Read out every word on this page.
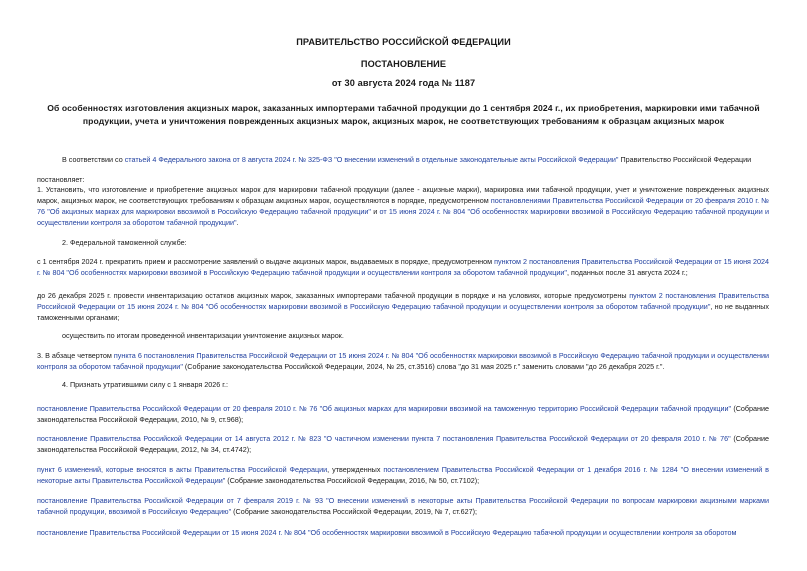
ПРАВИТЕЛЬСТВО РОССИЙСКОЙ ФЕДЕРАЦИИ
ПОСТАНОВЛЕНИЕ
от 30 августа 2024 года № 1187
Об особенностях изготовления акцизных марок, заказанных импортерами табачной продукции до 1 сентября 2024 г., их приобретения, маркировки ими табачной
продукции, учета и уничтожения поврежденных акцизных марок, акцизных марок, не соответствующих требованиям к образцам акцизных марок
В соответствии со статьей 4 Федерального закона от 8 августа 2024 г. № 325-ФЗ "О внесении изменений в отдельные законодательные акты Российской Федерации" Правительство Российской Федерации
постановляет:
1. Установить, что изготовление и приобретение акцизных марок для маркировки табачной продукции (далее - акцизные марки), маркировка ими табачной продукции, учет и уничтожение поврежденных акцизных марок, акцизных марок, не соответствующих требованиям к образцам акцизных марок, осуществляются в порядке, предусмотренном постановлениями Правительства Российской Федерации от 20 февраля 2010 г. № 76 "Об акцизных марках для маркировки ввозимой в Российскую Федерацию табачной продукции" и от 15 июня 2024 г. № 804 "Об особенностях маркировки ввозимой в Российскую Федерацию табачной продукции и осуществлении контроля за оборотом табачной продукции".
2. Федеральной таможенной службе:
с 1 сентября 2024 г. прекратить прием и рассмотрение заявлений о выдаче акцизных марок, выдаваемых в порядке, предусмотренном пунктом 2 постановления Правительства Российской Федерации от 15 июня 2024 г. № 804 "Об особенностях маркировки ввозимой в Российскую Федерацию табачной продукции и осуществлении контроля за оборотом табачной продукции", поданных после 31 августа 2024 г.;
до 26 декабря 2025 г. провести инвентаризацию остатков акцизных марок, заказанных импортерами табачной продукции в порядке и на условиях, которые предусмотрены пунктом 2 постановления Правительства Российской Федерации от 15 июня 2024 г. № 804 "Об особенностях маркировки ввозимой в Российскую Федерацию табачной продукции и осуществлении контроля за оборотом табачной продукции", но не выданных таможенными органами;
осуществить по итогам проведенной инвентаризации уничтожение акцизных марок.
3. В абзаце четвертом пункта 6 постановления Правительства Российской Федерации от 15 июня 2024 г. № 804 "Об особенностях маркировки ввозимой в Российскую Федерацию табачной продукции и осуществлении контроля за оборотом табачной продукции" (Собрание законодательства Российской Федерации, 2024, № 25, ст.3516) слова "до 31 мая 2025 г." заменить словами "до 26 декабря 2025 г.".
4. Признать утратившими силу с 1 января 2026 г.:
постановление Правительства Российской Федерации от 20 февраля 2010 г. № 76 "Об акцизных марках для маркировки ввозимой на таможенную территорию Российской Федерации табачной продукции" (Собрание законодательства Российской Федерации, 2010, № 9, ст.968);
постановление Правительства Российской Федерации от 14 августа 2012 г. № 823 "О частичном изменении пункта 7 постановления Правительства Российской Федерации от 20 февраля 2010 г. № 76" (Собрание законодательства Российской Федерации, 2012, № 34, ст.4742);
пункт 6 изменений, которые вносятся в акты Правительства Российской Федерации, утвержденных постановлением Правительства Российской Федерации от 1 декабря 2016 г. № 1284 "О внесении изменений в некоторые акты Правительства Российской Федерации" (Собрание законодательства Российской Федерации, 2016, № 50, ст.7102);
постановление Правительства Российской Федерации от 7 февраля 2019 г. № 93 "О внесении изменений в некоторые акты Правительства Российской Федерации по вопросам маркировки акцизными марками табачной продукции, ввозимой в Российскую Федерацию" (Собрание законодательства Российской Федерации, 2019, № 7, ст.627);
постановление Правительства Российской Федерации от 15 июня 2024 г. № 804 "Об особенностях маркировки ввозимой в Российскую Федерацию табачной продукции и осуществлении контроля за оборотом
